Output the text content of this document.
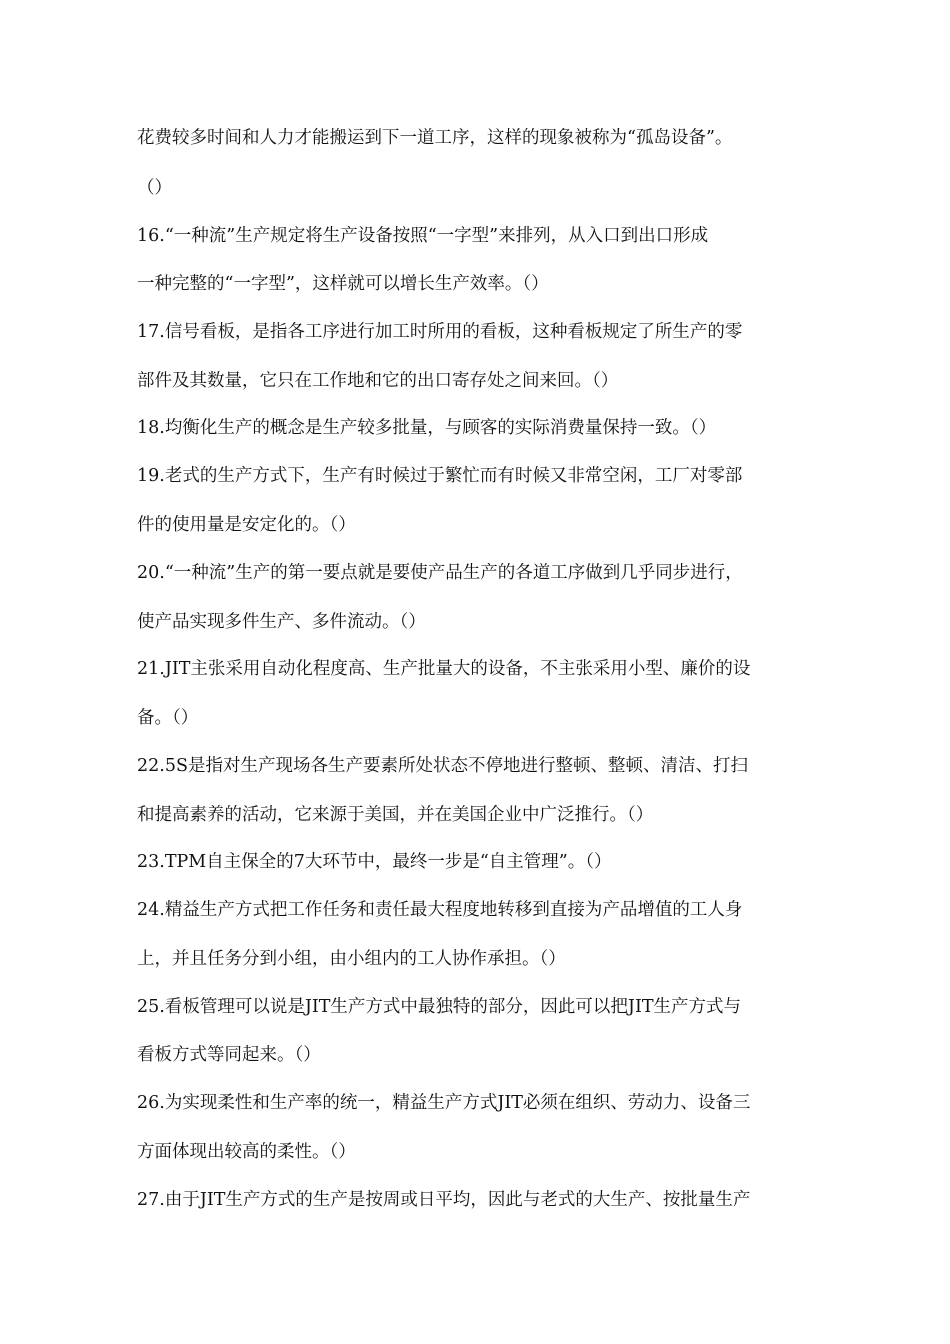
花费较多时间和人力才能搬运到下一道工序，这样的现象被称为“孤岛设备”。
（）
16.“一种流”生产规定将生产设备按照“一字型”来排列，从入口到出口形成
一种完整的“一字型”，这样就可以增长生产效率。（）
17.信号看板，是指各工序进行加工时所用的看板，这种看板规定了所生产的零
部件及其数量，它只在工作地和它的出口寄存处之间来回。（）
18.均衡化生产的概念是生产较多批量，与顾客的实际消费量保持一致。（）
19.老式的生产方式下，生产有时候过于繁忙而有时候又非常空闲，工厂对零部
件的使用量是安定化的。（）
20.“一种流”生产的第一要点就是要使产品生产的各道工序做到几乎同步进行，
使产品实现多件生产、多件流动。（）
21.JIT主张采用自动化程度高、生产批量大的设备，不主张采用小型、廉价的设
备。（）
22.5S是指对生产现场各生产要素所处状态不停地进行整顿、整顿、清洁、打扫
和提高素养的活动，它来源于美国，并在美国企业中广泛推行。（）
23.TPM自主保全的7大环节中，最终一步是“自主管理”。（）
24.精益生产方式把工作任务和责任最大程度地转移到直接为产品增值的工人身
上，并且任务分到小组，由小组内的工人协作承担。（）
25.看板管理可以说是JIT生产方式中最独特的部分，因此可以把JIT生产方式与
看板方式等同起来。（）
26.为实现柔性和生产率的统一，精益生产方式JIT必须在组织、劳动力、设备三
方面体现出较高的柔性。（）
27.由于JIT生产方式的生产是按周或日平均，因此与老式的大生产、按批量生产
